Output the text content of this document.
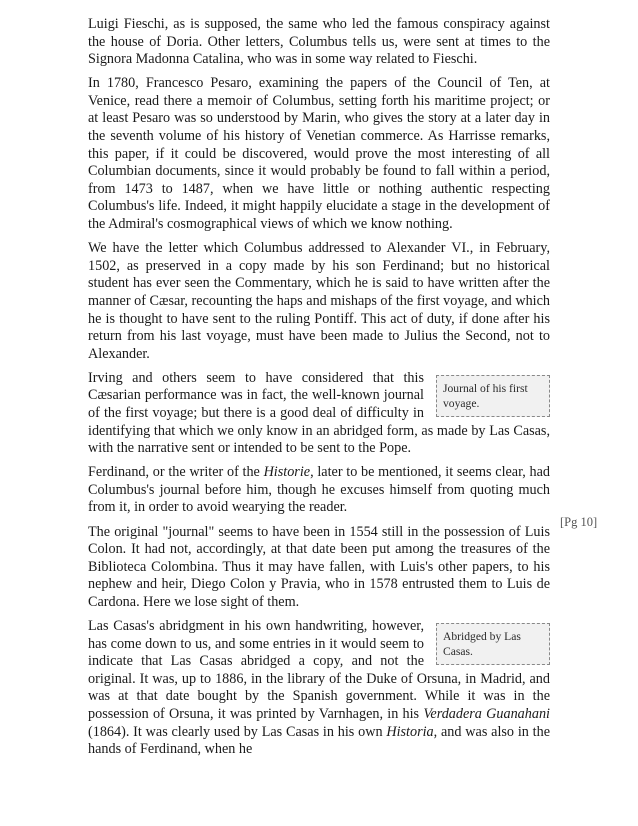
Luigi Fieschi, as is supposed, the same who led the famous conspiracy against the house of Doria. Other letters, Columbus tells us, were sent at times to the Signora Madonna Catalina, who was in some way related to Fieschi.

In 1780, Francesco Pesaro, examining the papers of the Council of Ten, at Venice, read there a memoir of Columbus, setting forth his maritime project; or at least Pesaro was so understood by Marin, who gives the story at a later day in the seventh volume of his history of Venetian commerce. As Harrisse remarks, this paper, if it could be discovered, would prove the most interesting of all Columbian documents, since it would probably be found to fall within a period, from 1473 to 1487, when we have little or nothing authentic respecting Columbus's life. Indeed, it might happily elucidate a stage in the development of the Admiral's cosmographical views of which we know nothing.

We have the letter which Columbus addressed to Alexander VI., in February, 1502, as preserved in a copy made by his son Ferdinand; but no historical student has ever seen the Commentary, which he is said to have written after the manner of Cæsar, recounting the haps and mishaps of the first voyage, and which he is thought to have sent to the ruling Pontiff. This act of duty, if done after his return from his last voyage, must have been made to Julius the Second, not to Alexander.

Journal of his first voyage.
Irving and others seem to have considered that this Cæsarian performance was in fact, the well-known journal of the first voyage; but there is a good deal of difficulty in identifying that which we only know in an abridged form, as made by Las Casas, with the narrative sent or intended to be sent to the Pope.

Ferdinand, or the writer of the Historie, later to be mentioned, it seems clear, had Columbus's journal before him, though he excuses himself from quoting much from it, in order to avoid wearying the reader.

The original "journal" seems to have been in 1554 still in the possession of Luis Colon. It had not, accordingly, at that date been put among the treasures of the Biblioteca Colombina. Thus it may have fallen, with Luis's other papers, to his nephew and heir, Diego Colon y Pravia, who in 1578 entrusted them to Luis de Cardona. Here we lose sight of them.

Abridged by Las Casas.
Las Casas's abridgment in his own handwriting, however, has come down to us, and some entries in it would seem to indicate that Las Casas abridged a copy, and not the original. It was, up to 1886, in the library of the Duke of Orsuna, in Madrid, and was at that date bought by the Spanish government. While it was in the possession of Orsuna, it was printed by Varnhagen, in his Verdadera Guanahani (1864). It was clearly used by Las Casas in his own Historia, and was also in the hands of Ferdinand, when he

[Pg 10]
